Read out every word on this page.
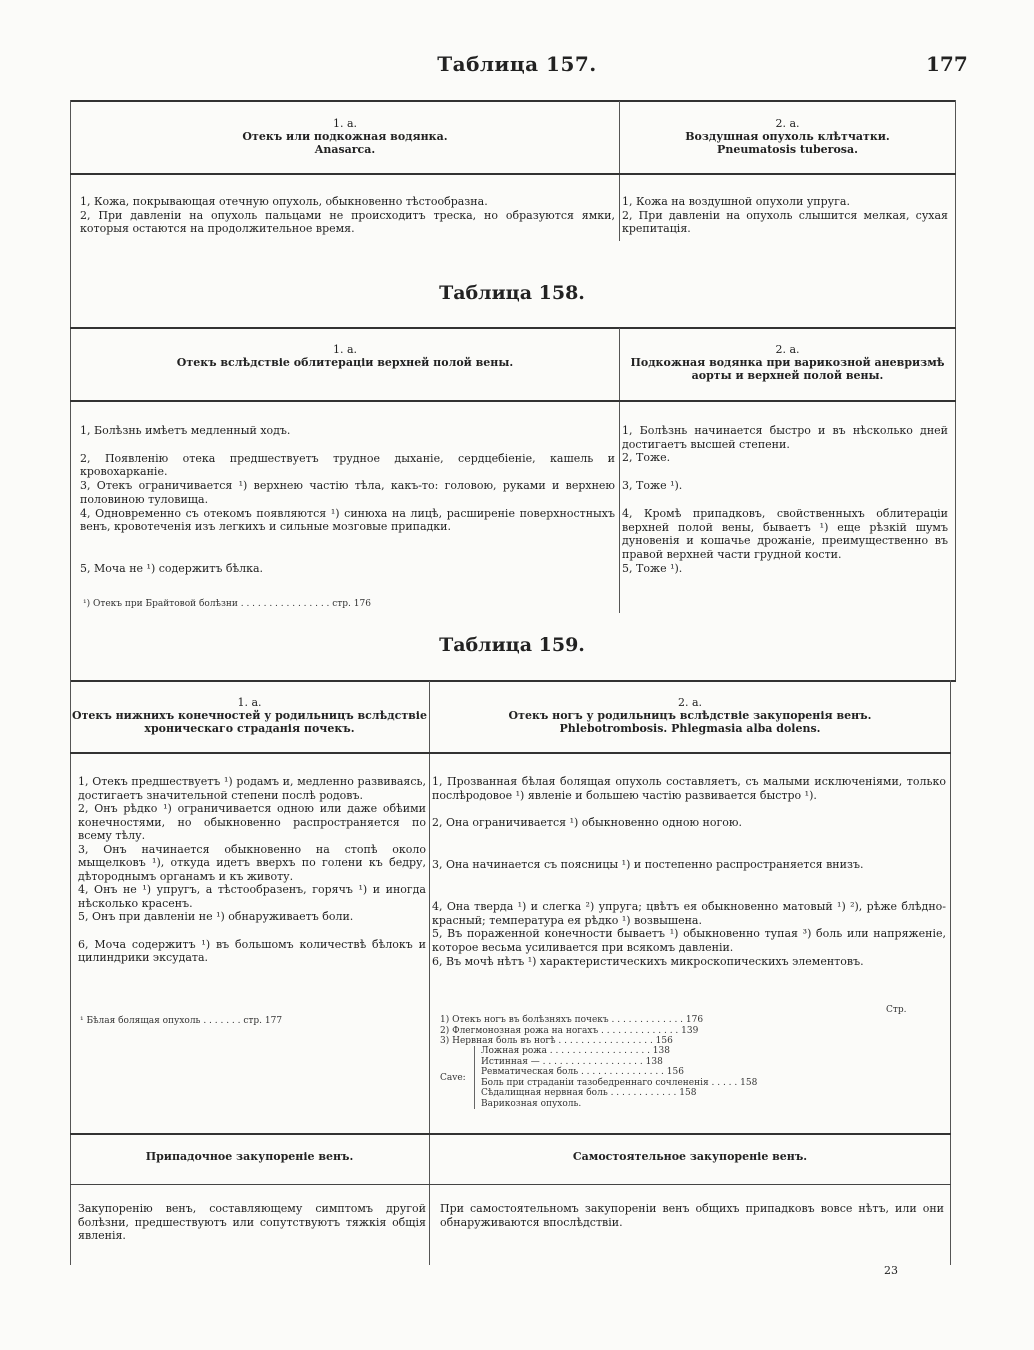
Таблица 157.	177
1. а.
Отекъ или подкожная водянка.
Anasarca.
2. а.
Воздушная опухоль клѣтчатки.
Pneumatosis tuberosa.

1, Кожа, покрывающая отечную опухоль, обыкновенно тѣстообразна.

2, При давленіи на опухоль пальцами не происходитъ треска, но образуются ямки, которыя остаются на продолжительное время.

1, Кожа на воздушной опухоли упруга.

2, При давленіи на опухоль слышится мелкая, сухая крепитація.

Таблица 158.
1. а.
Отекъ вслѣдствіе облитераціи верхней полой вены.
2. а.
Подкожная водянка при варикозной аневризмѣ аорты и верхней полой вены.

1, Болѣзнь имѣетъ медленный ходъ.

2, Появленію отека предшествуетъ трудное дыханіе, сердцебіеніе, кашель и кровохарканіе.

3, Отекъ ограничивается ¹) верхнею частію тѣла, какъ-то: головою, руками и верхнею половиною туловища.

4, Одновременно съ отекомъ появляются ¹) синюха на лицѣ, расширеніе поверхностныхъ венъ, кровотеченія изъ легкихъ и сильные мозговые припадки.

5, Моча не ¹) содержитъ бѣлка.

¹) Отекъ при Брайтовой болѣзни . . . . . . . . . . . . . . . . стр. 176

1, Болѣзнь начинается быстро и въ нѣсколько дней достигаетъ высшей степени.

2, Тоже.

3, Тоже ¹).

4, Кромѣ припадковъ, свойственныхъ облитераціи верхней полой вены, бываетъ ¹) еще рѣзкій шумъ дуновенія и кошачье дрожаніе, преимущественно въ правой верхней части грудной кости.

5, Тоже ¹).

Таблица 159.
1. а.
Отекъ нижнихъ конечностей у родильницъ вслѣдствіе хроническаго страданія почекъ.
2. а.
Отекъ ногъ у родильницъ вслѣдствіе закупоренія венъ.
Phlebotrombosis. Phlegmasia alba dolens.

1, Отекъ предшествуетъ ¹) родамъ и, медленно развиваясь, достигаетъ значительной степени послѣ родовъ.

2, Онъ рѣдко ¹) ограничивается одною или даже обѣими конечностями, но обыкновенно распространяется по всему тѣлу.

3, Онъ начинается обыкновенно на стопѣ около мыщелковъ ¹), откуда идетъ вверхъ по голени къ бедру, дѣтороднымъ органамъ и къ животу.

4, Онъ не ¹) упругъ, а тѣстообразенъ, горячъ ¹) и иногда нѣсколько красенъ.

5, Онъ при давленіи не ¹) обнаруживаетъ боли.

6, Моча содержитъ ¹) въ большомъ количествѣ бѣлокъ и цилиндрики эксудата.

¹ Бѣлая болящая опухоль . . . . . . . стр. 177

1, Прозванная бѣлая болящая опухоль составляетъ, съ малыми исключеніями, только послѣродовое ¹) явленіе и большею частію развивается быстро ¹).

2, Она ограничивается ¹) обыкновенно одною ногою.

3, Она начинается съ поясницы ¹) и постепенно распространяется внизъ.

4, Она тверда ¹) и слегка ²) упруга; цвѣтъ ея обыкновенно матовый ¹) ²), рѣже блѣдно-красный; температура ея рѣдко ¹) возвышена.

5, Въ пораженной конечности бываетъ ¹) обыкновенно тупая ³) боль или напряженіе, которое весьма усиливается при всякомъ давленіи.

6, Въ мочѣ нѣтъ ¹) характеристическихъ микроскопическихъ элементовъ.

Стр.
1) Отекъ ногъ въ болѣзняхъ почекъ . . . . . . . . . . . . . 176
2) Флегмонозная рожа на ногахъ . . . . . . . . . . . . . . 139
3) Нервная боль въ ногѣ . . . . . . . . . . . . . . . . . 156
Cave:
Ложная рожа . . . . . . . . . . . . . . . . . . 138
Истинная — . . . . . . . . . . . . . . . . . . 138
Ревматическая боль . . . . . . . . . . . . . . . 156
Боль при страданіи тазобедреннаго сочлененія . . . . . 158
Сѣдалищная нервная боль . . . . . . . . . . . . 158
Варикозная опухоль.
Припадочное закупореніе венъ.	Самостоятельное закупореніе венъ.
Закупоренію венъ, составляющему симптомъ другой болѣзни, предшествуютъ или сопутствуютъ тяжкія общія явленія.
При самостоятельномъ закупореніи венъ общихъ припадковъ вовсе нѣтъ, или они обнаруживаются впослѣдствіи.
23
